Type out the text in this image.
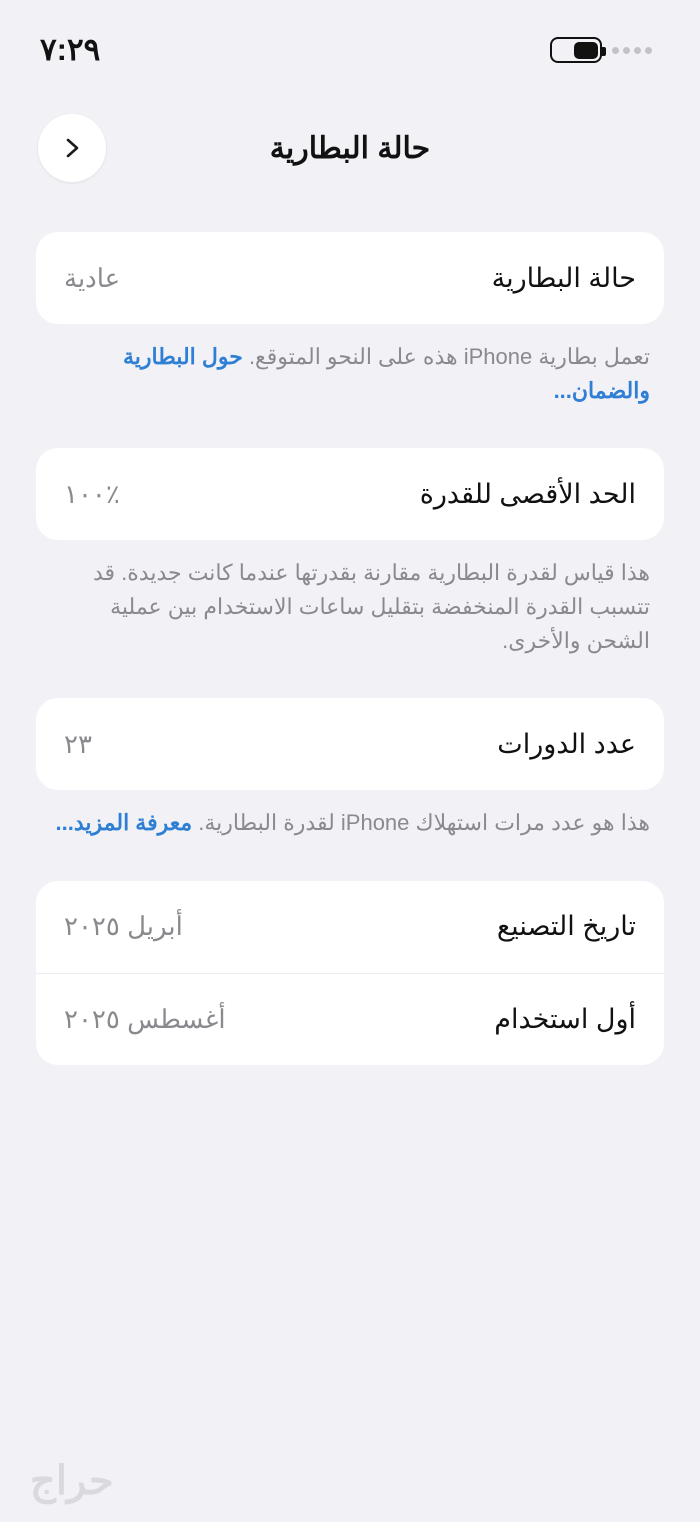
٧:٢٩
حالة البطارية
حالة البطارية
عادية
تعمل بطارية iPhone هذه على النحو المتوقع. حول البطارية والضمان...
الحد الأقصى للقدرة
٪١٠٠
هذا قياس لقدرة البطارية مقارنة بقدرتها عندما كانت جديدة. قد تتسبب القدرة المنخفضة بتقليل ساعات الاستخدام بين عملية الشحن والأخرى.
عدد الدورات
٢٣
هذا هو عدد مرات استهلاك iPhone لقدرة البطارية. معرفة المزيد...
تاريخ التصنيع
أبريل ٢٠٢٥
أول استخدام
أغسطس ٢٠٢٥
حراج
